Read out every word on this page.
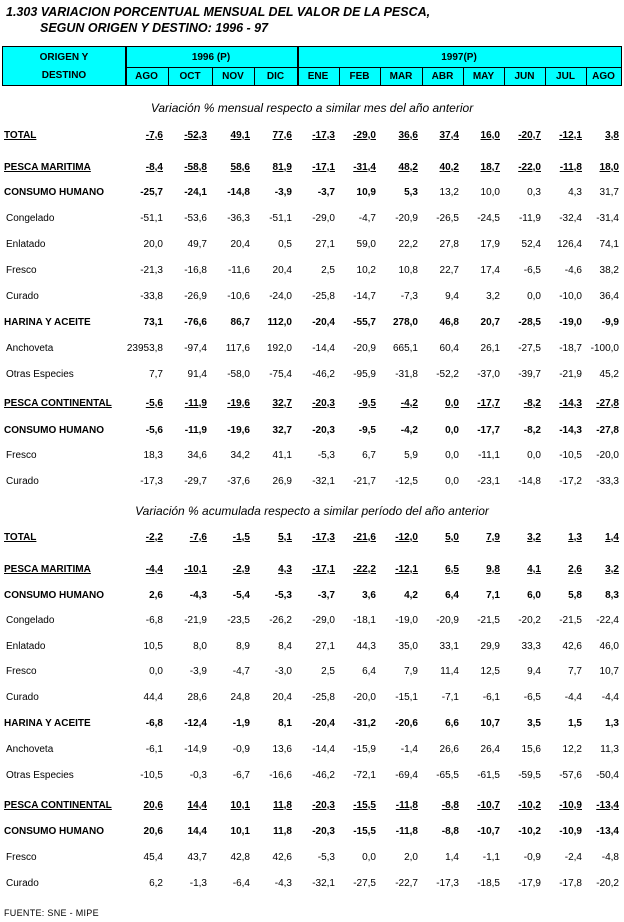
1.303 VARIACION PORCENTUAL MENSUAL DEL VALOR DE LA PESCA,
SEGUN ORIGEN Y DESTINO: 1996 - 97
ORIGEN Y
DESTINO
1996 (P)	1997(P)
AGO	OCT	NOV	DIC	ENE	FEB	MAR	ABR	MAY	JUN	JUL	AGO
Variación % mensual respecto a similar mes del año anterior
TOTAL	-7,6 -52,3 49,1 77,6 -17,3 -29,0 36,6 37,4 16,0 -20,7 -12,1 3,8
PESCA MARITIMA	-8,4 -58,8 58,6 81,9 -17,1 -31,4 48,2 40,2 18,7 -22,0 -11,8 18,0
CONSUMO HUMANO	-25,7 -24,1 -14,8 -3,9	-3,7 10,9	5,3 13,2 10,0	0,3	4,3 31,7
Congelado	-51,1 -53,6 -36,3 -51,1 -29,0 -4,7 -20,9 -26,5 -24,5 -11,9 -32,4 -31,4
Enlatado	20,0 49,7 20,4	0,5 27,1 59,0 22,2 27,8 17,9 52,4 126,4 74,1
Fresco	-21,3 -16,8 -11,6 20,4	2,5 10,2 10,8 22,7 17,4 -6,5 -4,6 38,2
Curado	-33,8 -26,9 -10,6 -24,0 -25,8 -14,7 -7,3	9,4	3,2	0,0 -10,0 36,4
HARINA Y ACEITE	73,1 -76,6 86,7 112,0 -20,4 -55,7 278,0 46,8 20,7 -28,5 -19,0 -9,9
Anchoveta	23953,8 -97,4 117,6 192,0 -14,4 -20,9 665,1 60,4 26,1 -27,5 -18,7 -100,0
Otras Especies	7,7 91,4 -58,0 -75,4 -46,2 -95,9 -31,8 -52,2 -37,0 -39,7 -21,9 45,2
PESCA CONTINENTAL	-5,6 -11,9 -19,6 32,7 -20,3 -9,5 -4,2	0,0 -17,7 -8,2 -14,3 -27,8
CONSUMO HUMANO	-5,6 -11,9 -19,6 32,7 -20,3 -9,5 -4,2	0,0 -17,7 -8,2 -14,3 -27,8
Fresco	18,3 34,6 34,2 41,1	-5,3	6,7	5,9	0,0 -11,1	0,0 -10,5 -20,0
Curado	-17,3 -29,7 -37,6 26,9 -32,1 -21,7 -12,5	0,0 -23,1 -14,8 -17,2 -33,3
Variación % acumulada respecto a similar período del año anterior
TOTAL	-2,2	-7,6	-1,5	5,1 -17,3 -21,6 -12,0	5,0	7,9	3,2	1,3 1,4
PESCA MARITIMA	-4,4 -10,1	-2,9	4,3 -17,1 -22,2 -12,1	6,5	9,8	4,1	2,6 3,2
CONSUMO HUMANO	2,6	-4,3	-5,4 -5,3	-3,7	3,6	4,2	6,4	7,1	6,0	5,8 8,3
Congelado	-6,8 -21,9 -23,5 -26,2 -29,0 -18,1 -19,0 -20,9 -21,5 -20,2 -21,5 -22,4
Enlatado	10,5	8,0	8,9	8,4 27,1 44,3 35,0 33,1 29,9 33,3 42,6 46,0
Fresco	0,0	-3,9	-4,7 -3,0	2,5	6,4	7,9 11,4 12,5	9,4	7,7 10,7
Curado	44,4 28,6 24,8 20,4 -25,8 -20,0 -15,1 -7,1 -6,1 -6,5 -4,4 -4,4
HARINA Y ACEITE	-6,8 -12,4	-1,9	8,1 -20,4 -31,2 -20,6	6,6 10,7	3,5	1,5 1,3
Anchoveta	-6,1 -14,9	-0,9 13,6 -14,4 -15,9 -1,4 26,6 26,4 15,6 12,2 11,3
Otras Especies	-10,5	-0,3	-6,7 -16,6 -46,2 -72,1 -69,4 -65,5 -61,5 -59,5 -57,6 -50,4
PESCA CONTINENTAL	20,6 14,4 10,1 11,8 -20,3 -15,5 -11,8 -8,8 -10,7 -10,2 -10,9 -13,4
CONSUMO HUMANO	20,6 14,4 10,1 11,8 -20,3 -15,5 -11,8 -8,8 -10,7 -10,2 -10,9 -13,4
Fresco	45,4 43,7 42,8 42,6	-5,3	0,0	2,0	1,4 -1,1 -0,9 -2,4 -4,8
Curado	6,2	-1,3	-6,4 -4,3 -32,1 -27,5 -22,7 -17,3 -18,5 -17,9 -17,8 -20,2
FUENTE: SNE - MIPE
